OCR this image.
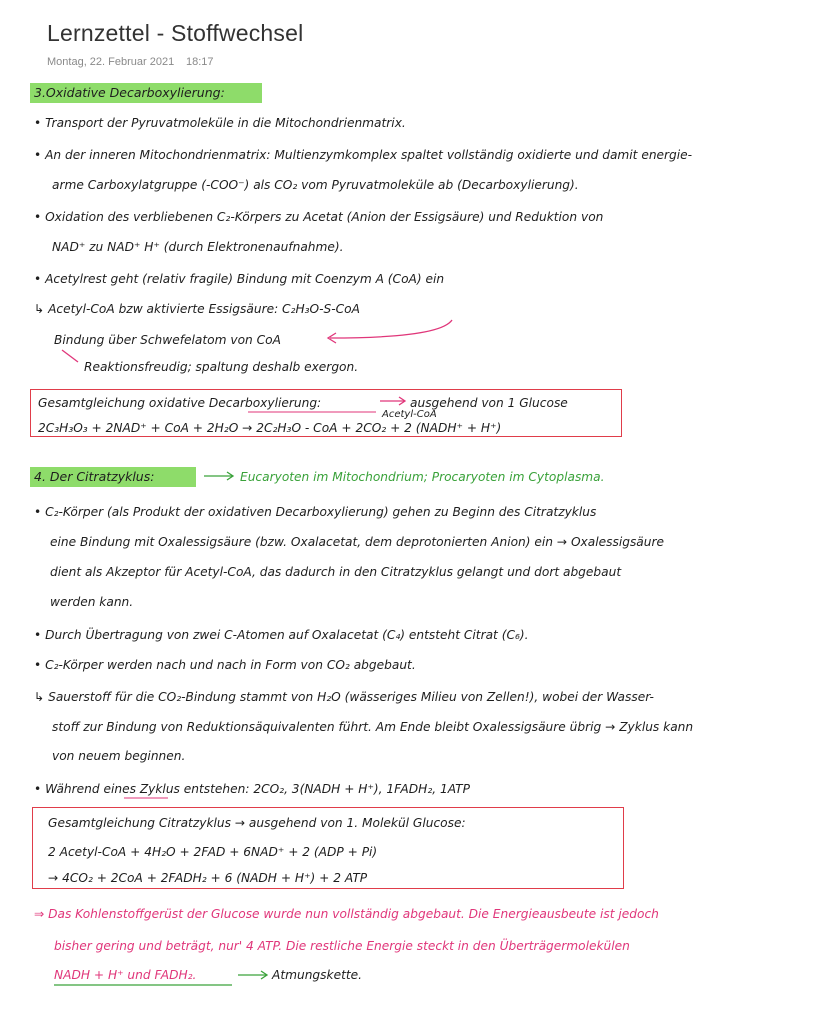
Lernzettel - Stoffwechsel
Montag, 22. Februar 2021 18:17
3.Oxidative Decarboxylierung:
• Transport der Pyruvatmoleküle in die Mitochondrienmatrix.
• An der inneren Mitochondrienmatrix: Multienzymkomplex spaltet vollständig oxidierte und damit energie-
arme Carboxylatgruppe (-COO⁻) als CO₂ vom Pyruvatmoleküle ab (Decarboxylierung).
• Oxidation des verbliebenen C₂-Körpers zu Acetat (Anion der Essigsäure) und Reduktion von
NAD⁺ zu NAD⁺ H⁺ (durch Elektronenaufnahme).
• Acetylrest geht (relativ fragile) Bindung mit Coenzym A (CoA) ein
↳ Acetyl-CoA bzw aktivierte Essigsäure: C₂H₃O-S-CoA
Bindung über Schwefelatom von CoA
Reaktionsfreudig; spaltung deshalb exergon.
Gesamtgleichung oxidative Decarboxylierung:	ausgehend von 1 Glucose
Acetyl-CoA
2C₃H₃O₃ + 2NAD⁺ + CoA + 2H₂O → 2C₂H₃O - CoA + 2CO₂ + 2 (NADH⁺ + H⁺)
4. Der Citratzyklus:	Eucaryoten im Mitochondrium; Procaryoten im Cytoplasma.
• C₂-Körper (als Produkt der oxidativen Decarboxylierung) gehen zu Beginn des Citratzyklus
eine Bindung mit Oxalessigsäure (bzw. Oxalacetat, dem deprotonierten Anion) ein → Oxalessigsäure
dient als Akzeptor für Acetyl-CoA, das dadurch in den Citratzyklus gelangt und dort abgebaut
werden kann.
• Durch Übertragung von zwei C-Atomen auf Oxalacetat (C₄) entsteht Citrat (C₆).
• C₂-Körper werden nach und nach in Form von CO₂ abgebaut.
↳ Sauerstoff für die CO₂-Bindung stammt von H₂O (wässeriges Milieu von Zellen!), wobei der Wasser-
stoff zur Bindung von Reduktionsäquivalenten führt. Am Ende bleibt Oxalessigsäure übrig → Zyklus kann
von neuem beginnen.
• Während eines Zyklus entstehen: 2CO₂, 3(NADH + H⁺), 1FADH₂, 1ATP
Gesamtgleichung Citratzyklus → ausgehend von 1. Molekül Glucose:
2 Acetyl-CoA + 4H₂O + 2FAD + 6NAD⁺ + 2 (ADP + Pi)
→ 4CO₂ + 2CoA + 2FADH₂ + 6 (NADH + H⁺) + 2 ATP
⇒ Das Kohlenstoffgerüst der Glucose wurde nun vollständig abgebaut. Die Energieausbeute ist jedoch
bisher gering und beträgt, nur' 4 ATP. Die restliche Energie steckt in den Überträgermolekülen
NADH + H⁺ und FADH₂.	Atmungskette.
